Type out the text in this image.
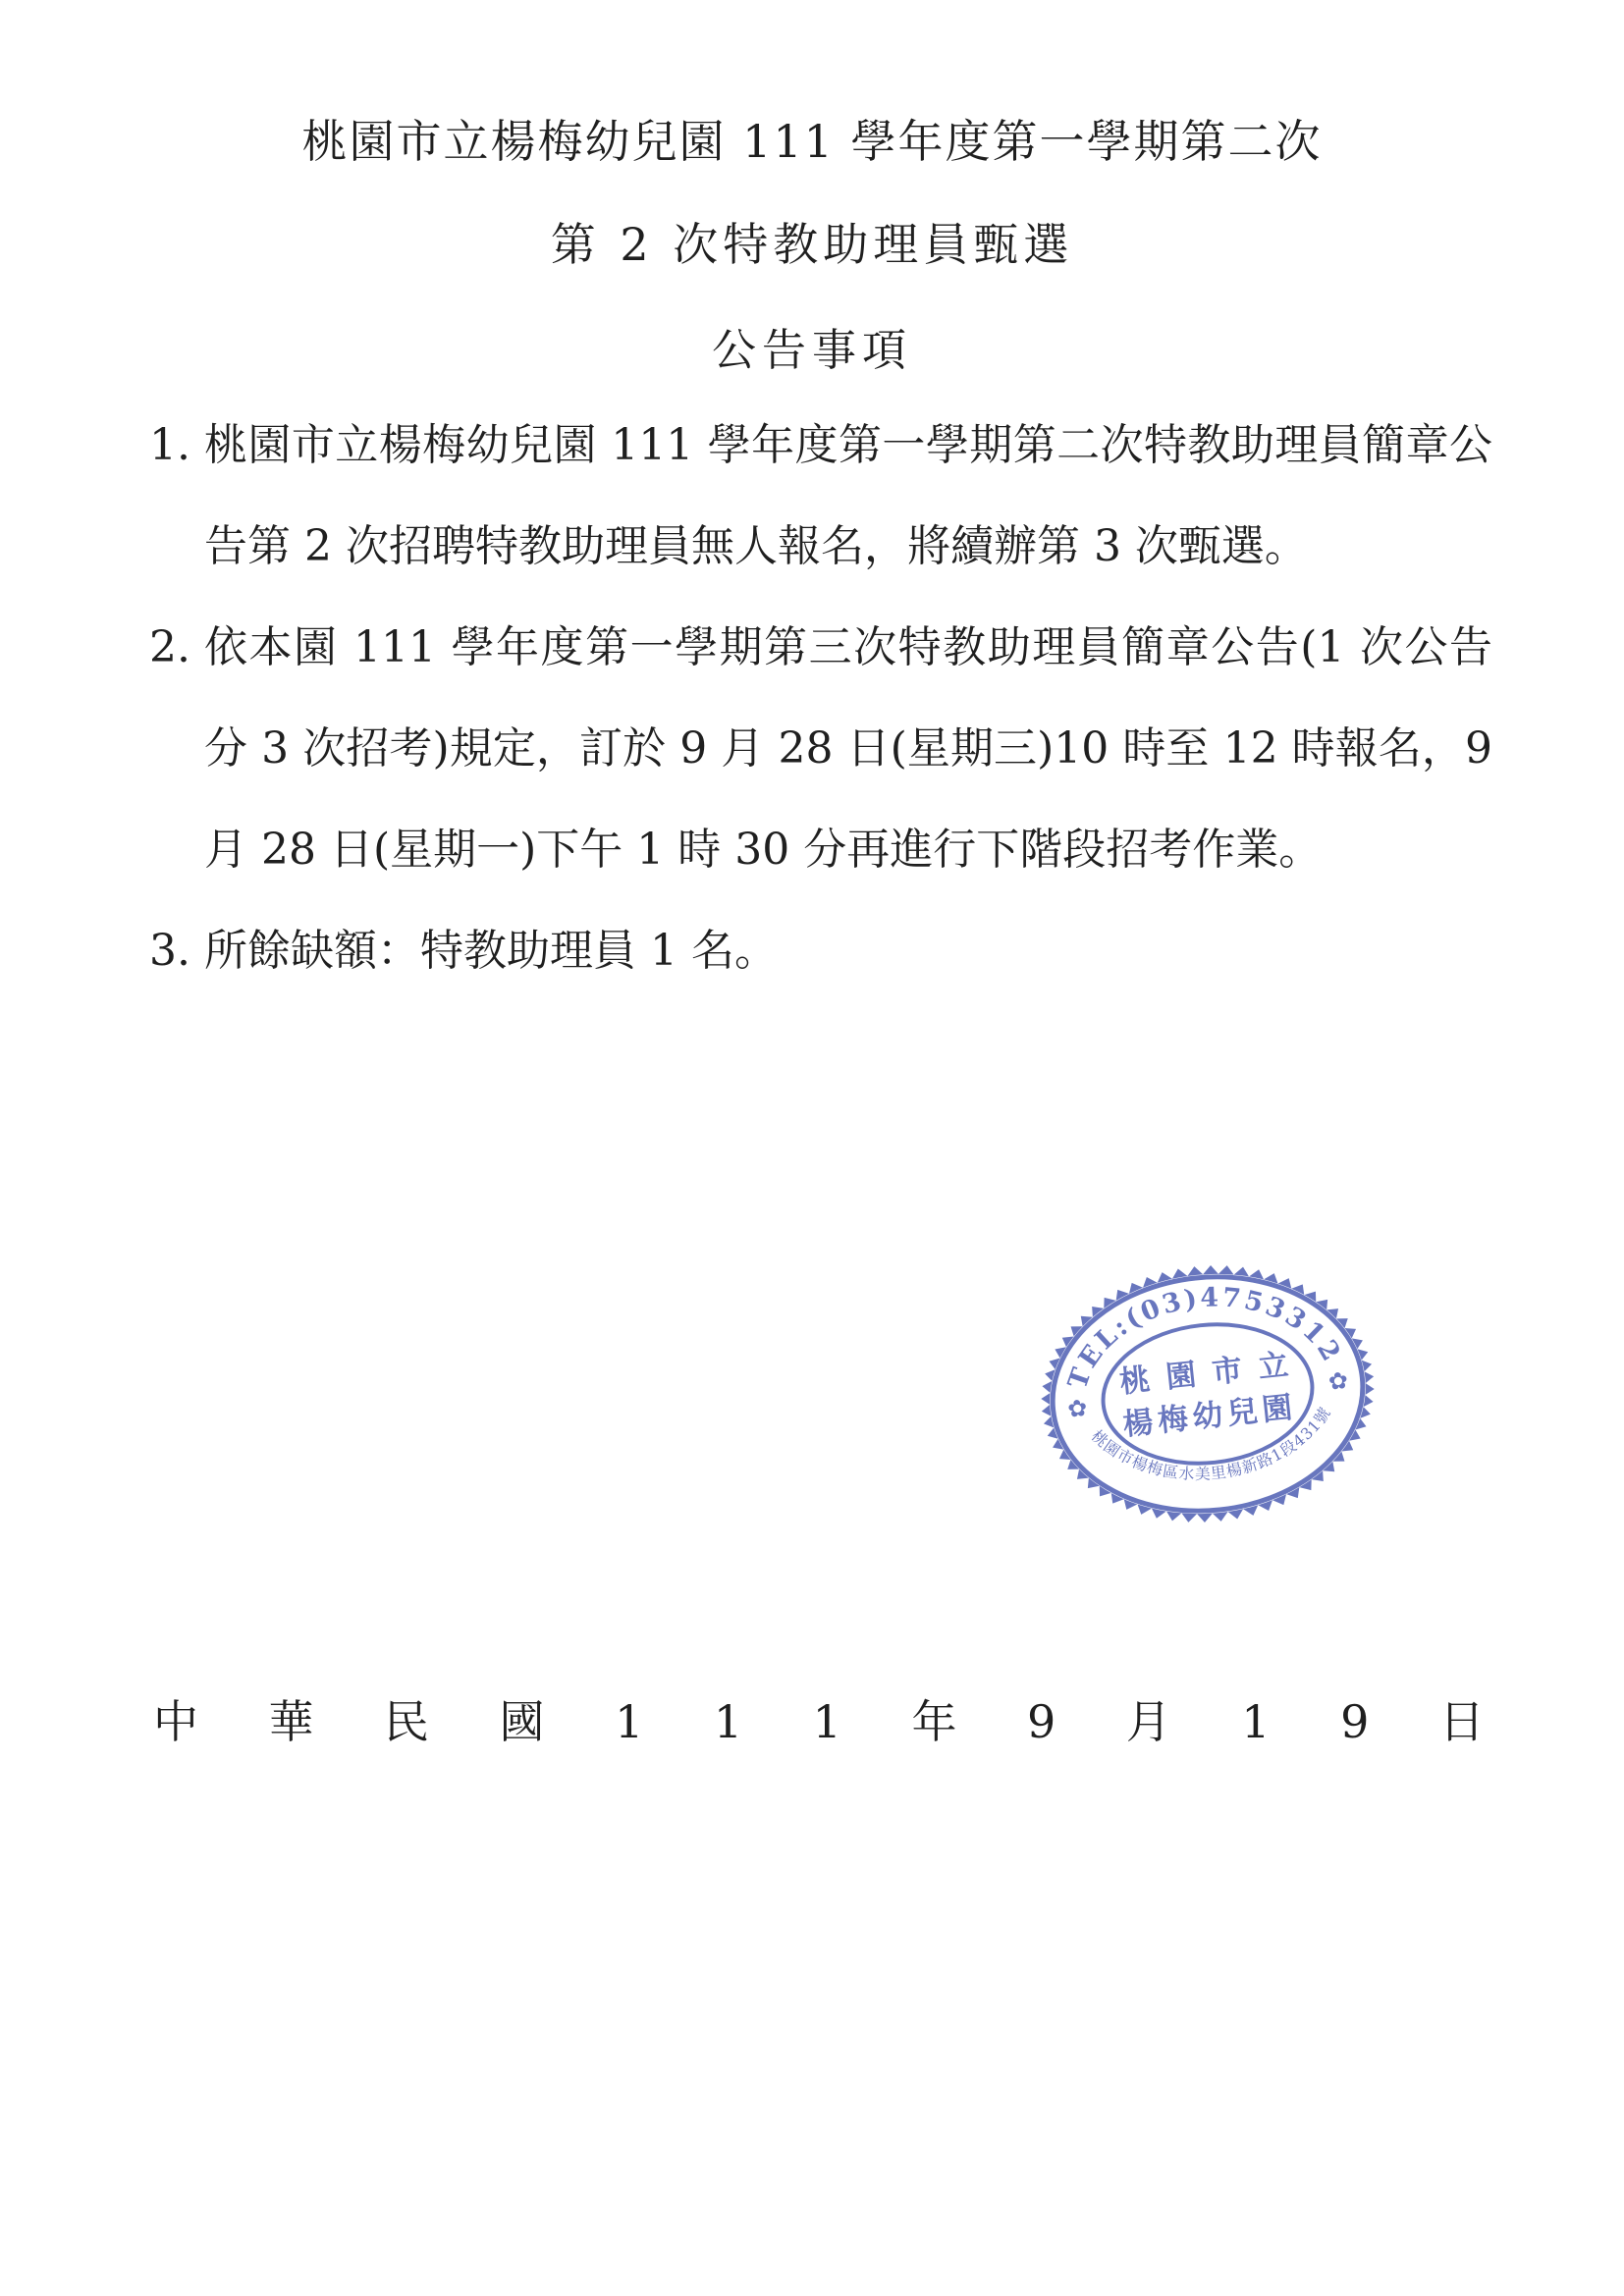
桃園市立楊梅幼兒園 111 學年度第一學期第二次
第 2 次特教助理員甄選
公告事項
1. 桃園市立楊梅幼兒園 111 學年度第一學期第二次特教助理員簡章公告第 2 次招聘特教助理員無人報名，將續辦第 3 次甄選。
2. 依本園 111 學年度第一學期第三次特教助理員簡章公告(1 次公告分 3 次招考)規定，訂於 9 月 28 日(星期三)10 時至 12 時報名，9 月 28 日(星期一)下午 1 時 30 分再進行下階段招考作業。
3. 所餘缺額：特教助理員 1 名。
TEL:(03)4753312
桃園市楊梅區水美里楊新路1段431號
✿
✿
桃 園 市 立
楊梅幼兒園
中 華 民 國 1 1 1 年 9 月 1 9 日
